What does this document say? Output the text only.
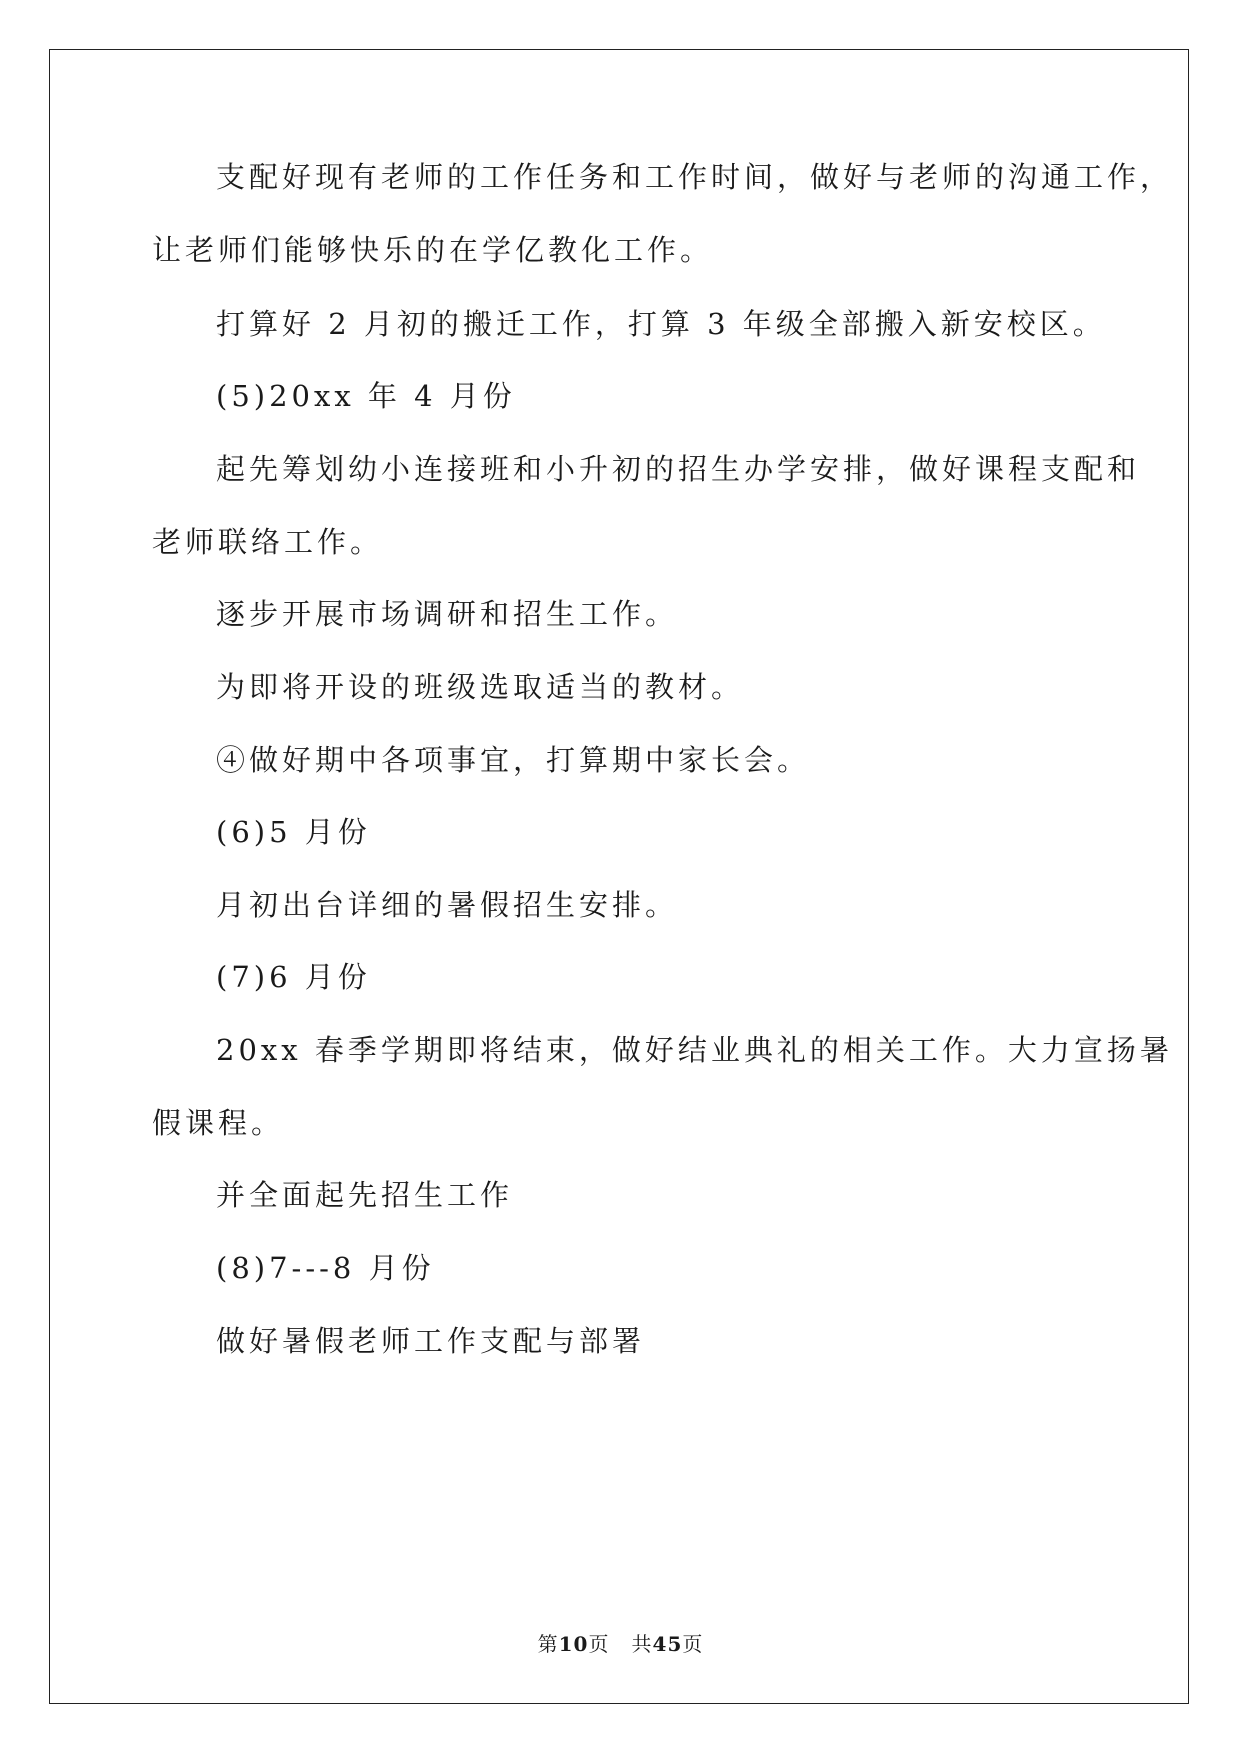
支配好现有老师的工作任务和工作时间，做好与老师的沟通工作，

让老师们能够快乐的在学亿教化工作。

打算好 2 月初的搬迁工作，打算 3 年级全部搬入新安校区。

(5)20xx 年 4 月份

起先筹划幼小连接班和小升初的招生办学安排，做好课程支配和

老师联络工作。

逐步开展市场调研和招生工作。

为即将开设的班级选取适当的教材。

④做好期中各项事宜，打算期中家长会。

(6)5 月份

月初出台详细的暑假招生安排。

(7)6 月份

20xx 春季学期即将结束，做好结业典礼的相关工作。大力宣扬暑

假课程。

并全面起先招生工作

(8)7---8 月份

做好暑假老师工作支配与部署

第10页   共45页
